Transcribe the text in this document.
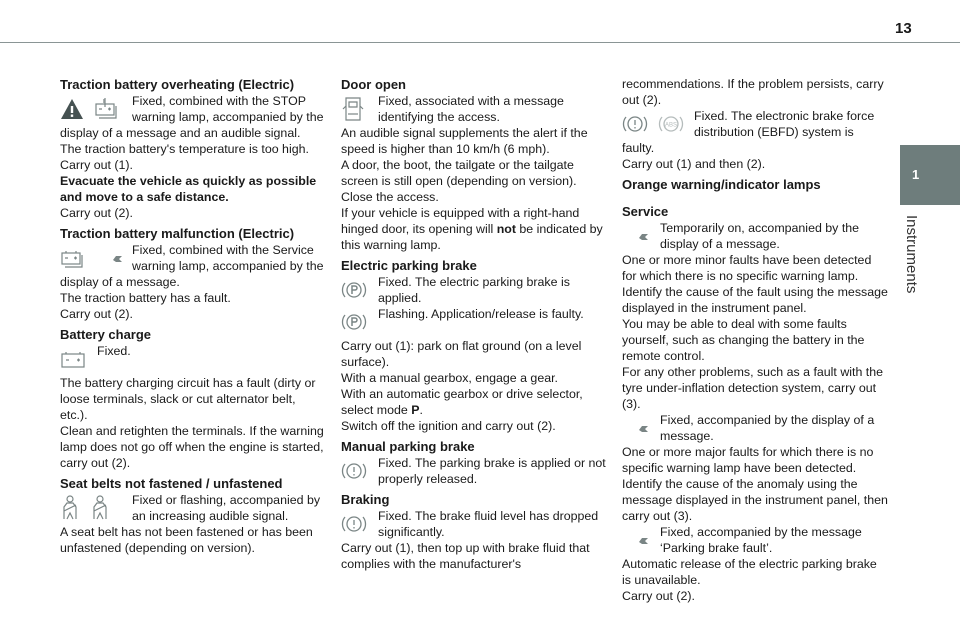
13
1
Instruments
Traction battery overheating (Electric)
Fixed, combined with the STOP warning lamp, accompanied by the display of a message and an audible signal.
The traction battery's temperature is too high.
Carry out (1).
Evacuate the vehicle as quickly as possible and move to a safe distance.
Carry out (2).
Traction battery malfunction (Electric)
Fixed, combined with the Service warning lamp, accompanied by the display of a message.
The traction battery has a fault.
Carry out (2).
Battery charge
Fixed.
The battery charging circuit has a fault (dirty or loose terminals, slack or cut alternator belt, etc.).
Clean and retighten the terminals. If the warning lamp does not go off when the engine is started, carry out (2).
Seat belts not fastened / unfastened
Fixed or flashing, accompanied by an increasing audible signal.
A seat belt has not been fastened or has been unfastened (depending on version).
Door open
Fixed, associated with a message identifying the access.
An audible signal supplements the alert if the speed is higher than 10 km/h (6 mph).
A door, the boot, the tailgate or the tailgate screen is still open (depending on version).
Close the access.
If your vehicle is equipped with a right-hand hinged door, its opening will not be indicated by this warning lamp.
Electric parking brake
Fixed. The electric parking brake is applied.
Flashing. Application/release is faulty.
Carry out (1): park on flat ground (on a level surface).
With a manual gearbox, engage a gear.
With an automatic gearbox or drive selector, select mode P.
Switch off the ignition and carry out (2).
Manual parking brake
Fixed. The parking brake is applied or not properly released.
Braking
Fixed. The brake fluid level has dropped significantly.
Carry out (1), then top up with brake fluid that complies with the manufacturer's
recommendations. If the problem persists, carry out (2).
ABS
Fixed. The electronic brake force distribution (EBFD) system is faulty.
Carry out (1) and then (2).
Orange warning/indicator lamps
Service
Temporarily on, accompanied by the display of a message.
One or more minor faults have been detected for which there is no specific warning lamp.
Identify the cause of the fault using the message displayed in the instrument panel.
You may be able to deal with some faults yourself, such as changing the battery in the remote control.
For any other problems, such as a fault with the tyre under-inflation detection system, carry out (3).
Fixed, accompanied by the display of a message.
One or more major faults for which there is no specific warning lamp have been detected.
Identify the cause of the anomaly using the message displayed in the instrument panel, then carry out (3).
Fixed, accompanied by the message ‘Parking brake fault’.
Automatic release of the electric parking brake is unavailable.
Carry out (2).
